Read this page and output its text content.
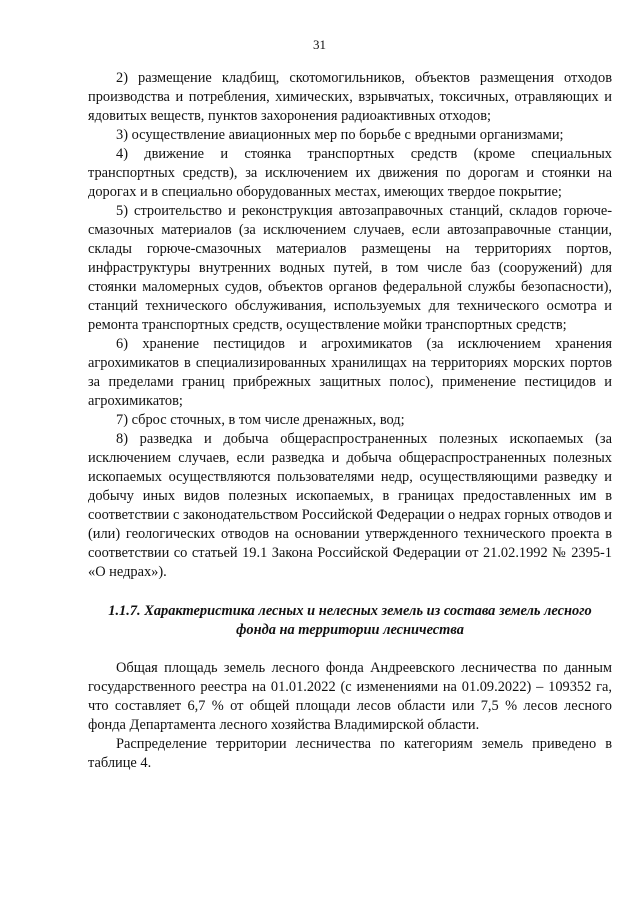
31

2) размещение кладбищ, скотомогильников, объектов размещения отходов производства и потребления, химических, взрывчатых, токсичных, отравляющих и ядовитых веществ, пунктов захоронения радиоактивных отходов;

3) осуществление авиационных мер по борьбе с вредными организмами;

4) движение и стоянка транспортных средств (кроме специальных транспортных средств), за исключением их движения по дорогам и стоянки на дорогах и в специально оборудованных местах, имеющих твердое покрытие;

5) строительство и реконструкция автозаправочных станций, складов горюче-смазочных материалов (за исключением случаев, если автозаправочные станции, склады горюче-смазочных материалов размещены на территориях портов, инфраструктуры внутренних водных путей, в том числе баз (сооружений) для стоянки маломерных судов, объектов органов федеральной службы безопасности), станций технического обслуживания, используемых для технического осмотра и ремонта транспортных средств, осуществление мойки транспортных средств;

6) хранение пестицидов и агрохимикатов (за исключением хранения агрохимикатов в специализированных хранилищах на территориях морских портов за пределами границ прибрежных защитных полос), применение пестицидов и агрохимикатов;

7) сброс сточных, в том числе дренажных, вод;

8) разведка и добыча общераспространенных полезных ископаемых (за исключением случаев, если разведка и добыча общераспространенных полезных ископаемых осуществляются пользователями недр, осуществляющими разведку и добычу иных видов полезных ископаемых, в границах предоставленных им в соответствии с законодательством Российской Федерации о недрах горных отводов и (или) геологических отводов на основании утвержденного технического проекта в соответствии со статьей 19.1 Закона Российской Федерации от 21.02.1992 № 2395-1 «О недрах»).

1.1.7. Характеристика лесных и нелесных земель из состава земель лесного фонда на территории лесничества

Общая площадь земель лесного фонда Андреевского лесничества по данным государственного реестра на 01.01.2022 (с изменениями на 01.09.2022) – 109352 га, что составляет 6,7 % от общей площади лесов области или 7,5 % лесов лесного фонда Департамента лесного хозяйства Владимирской области.

Распределение территории лесничества по категориям земель приведено в таблице 4.
